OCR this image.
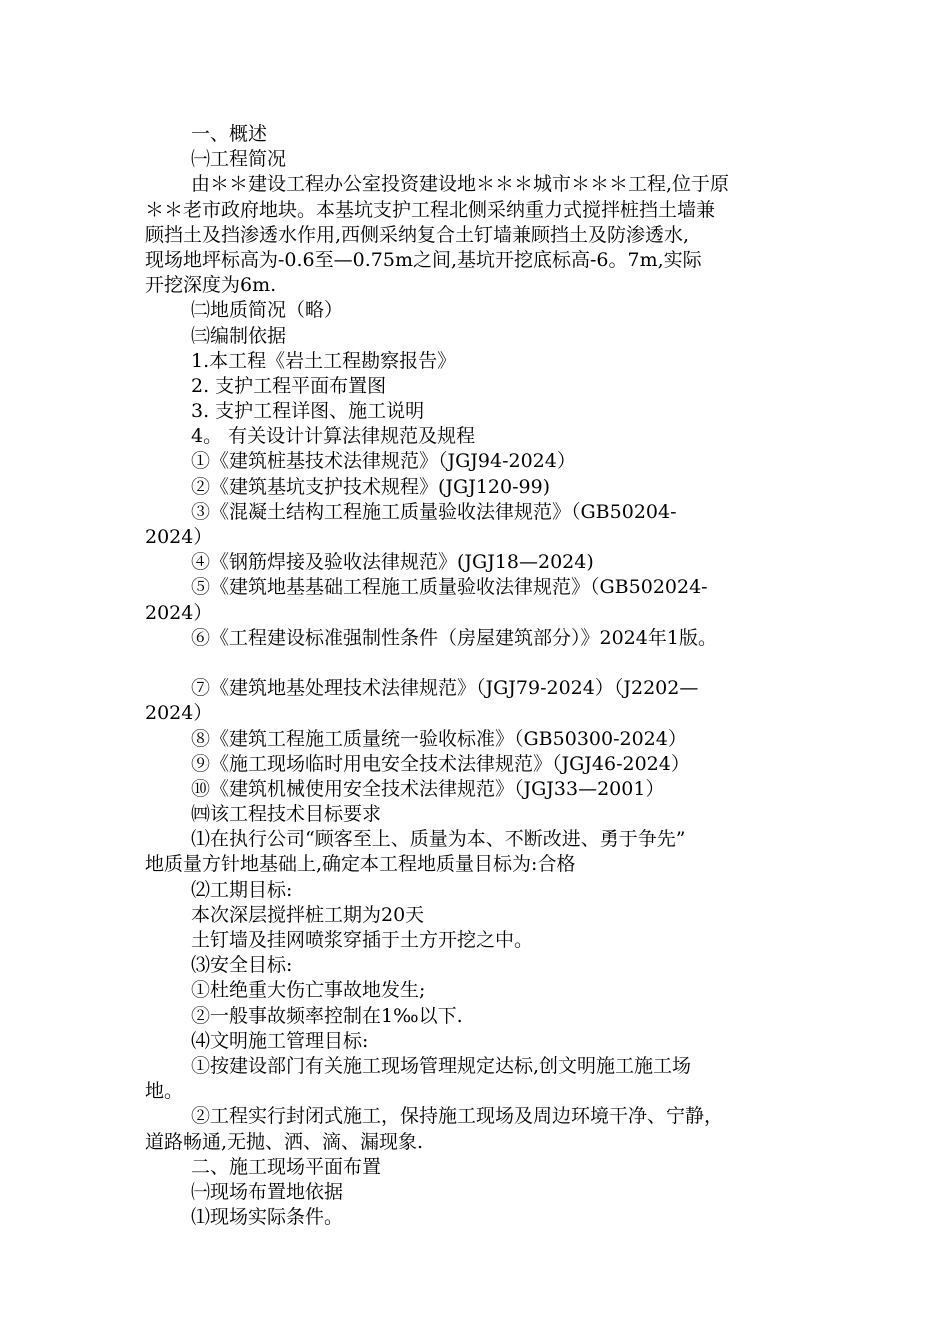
一、概述
㈠工程简况
由＊＊建设工程办公室投资建设地＊＊＊城市＊＊＊工程,位于原
＊＊老市政府地块。本基坑支护工程北侧采纳重力式搅拌桩挡土墙兼
顾挡土及挡渗透水作用,西侧采纳复合土钉墙兼顾挡土及防渗透水,
现场地坪标高为-0.6至—0.75m之间,基坑开挖底标高-6。7m,实际
开挖深度为6m.
㈡地质简况（略）
㈢编制依据
1.本工程《岩土工程勘察报告》
2. 支护工程平面布置图
3. 支护工程详图、施工说明
4。 有关设计计算法律规范及规程
①《建筑桩基技术法律规范》（JGJ94-2024）
②《建筑基坑支护技术规程》(JGJ120-99)
③《混凝土结构工程施工质量验收法律规范》（GB50204-
2024）
④《钢筋焊接及验收法律规范》(JGJ18—2024)
⑤《建筑地基基础工程施工质量验收法律规范》（GB502024-
2024）
⑥《工程建设标准强制性条件（房屋建筑部分）》2024年1版。
⑦《建筑地基处理技术法律规范》（JGJ79-2024）（J2202—
2024）
⑧《建筑工程施工质量统一验收标准》（GB50300-2024）
⑨《施工现场临时用电安全技术法律规范》（JGJ46-2024）
⑩《建筑机械使用安全技术法律规范》（JGJ33—2001）
㈣该工程技术目标要求
⑴在执行公司“顾客至上、质量为本、不断改进、勇于争先”
地质量方针地基础上,确定本工程地质量目标为:合格
⑵工期目标:
本次深层搅拌桩工期为20天
土钉墙及挂网喷浆穿插于土方开挖之中。
⑶安全目标:
①杜绝重大伤亡事故地发生;
②一般事故频率控制在1‰以下.
⑷文明施工管理目标:
①按建设部门有关施工现场管理规定达标,创文明施工施工场
地。
②工程实行封闭式施工，保持施工现场及周边环境干净、宁静，
道路畅通,无抛、洒、滴、漏现象.
二、施工现场平面布置
㈠现场布置地依据
⑴现场实际条件。
